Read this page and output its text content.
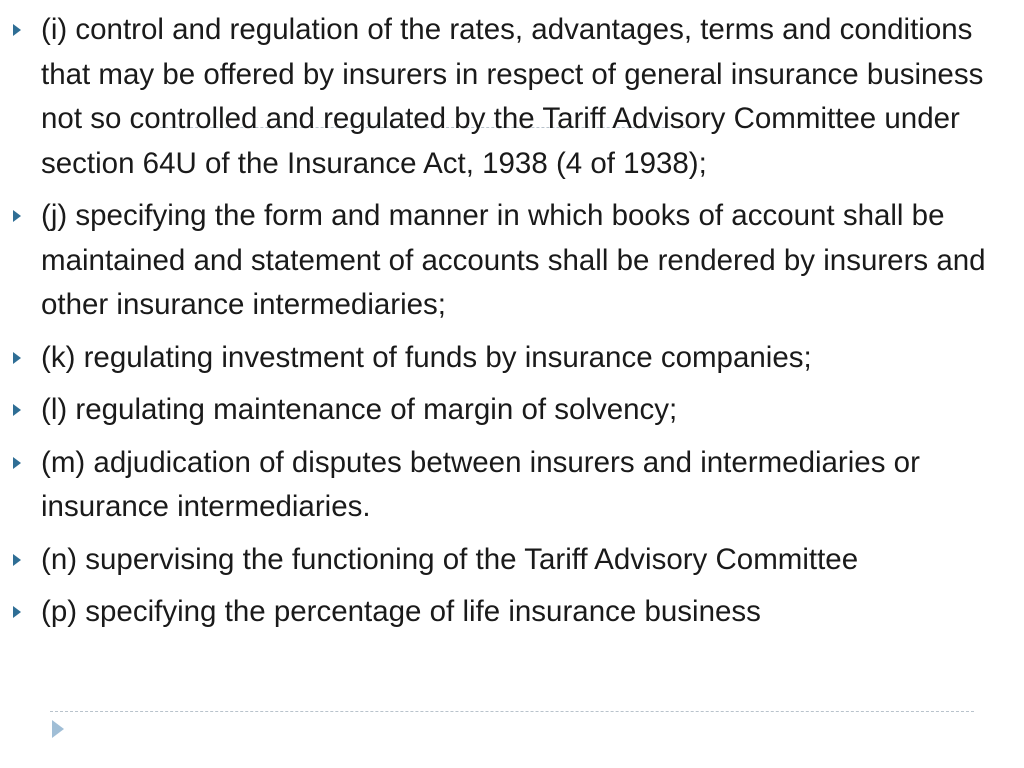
(i) control and regulation of the rates, advantages, terms and conditions that may be offered by insurers in respect of general insurance business not so controlled and regulated by the Tariff Advisory Committee under section 64U of the Insurance Act, 1938 (4 of 1938);
(j) specifying the form and manner in which books of account shall be maintained and statement of accounts shall be rendered by insurers and other insurance intermediaries;
(k) regulating investment of funds by insurance companies;
(l) regulating maintenance of margin of solvency;
(m) adjudication of disputes between insurers and intermediaries or insurance intermediaries.
(n) supervising the functioning of the Tariff Advisory Committee
(p) specifying the percentage of life insurance business
